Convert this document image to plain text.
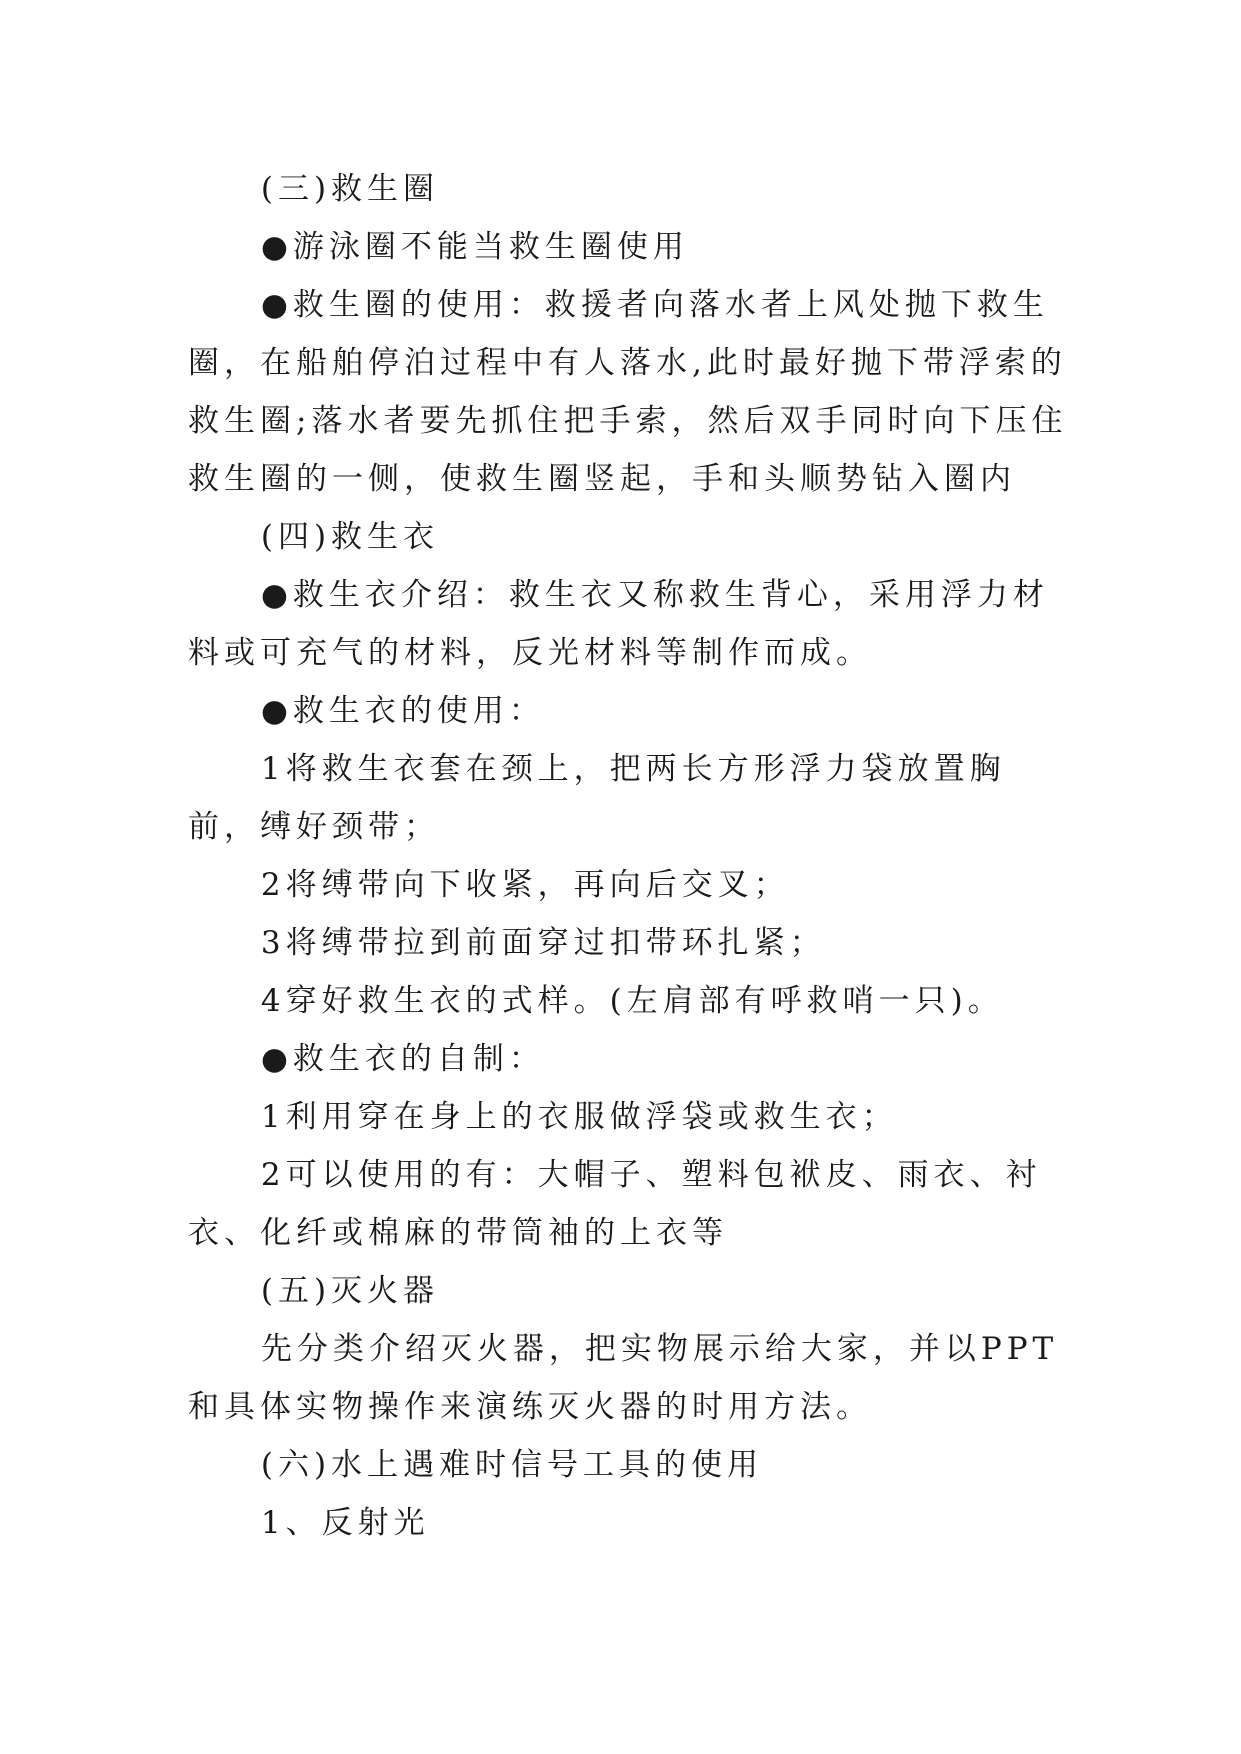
(三)救生圈

●游泳圈不能当救生圈使用

●救生圈的使用：救援者向落水者上风处抛下救生圈，在船舶停泊过程中有人落水,此时最好抛下带浮索的救生圈;落水者要先抓住把手索，然后双手同时向下压住救生圈的一侧，使救生圈竖起，手和头顺势钻入圈内

(四)救生衣

●救生衣介绍：救生衣又称救生背心，采用浮力材料或可充气的材料，反光材料等制作而成。

●救生衣的使用：

1将救生衣套在颈上，把两长方形浮力袋放置胸前，缚好颈带；

2将缚带向下收紧，再向后交叉；

3将缚带拉到前面穿过扣带环扎紧；

4穿好救生衣的式样。(左肩部有呼救哨一只)。

●救生衣的自制：

1利用穿在身上的衣服做浮袋或救生衣；

2可以使用的有：大帽子、塑料包袱皮、雨衣、衬衣、化纤或棉麻的带筒袖的上衣等

(五)灭火器

先分类介绍灭火器，把实物展示给大家，并以PPT和具体实物操作来演练灭火器的时用方法。

(六)水上遇难时信号工具的使用

1、反射光
